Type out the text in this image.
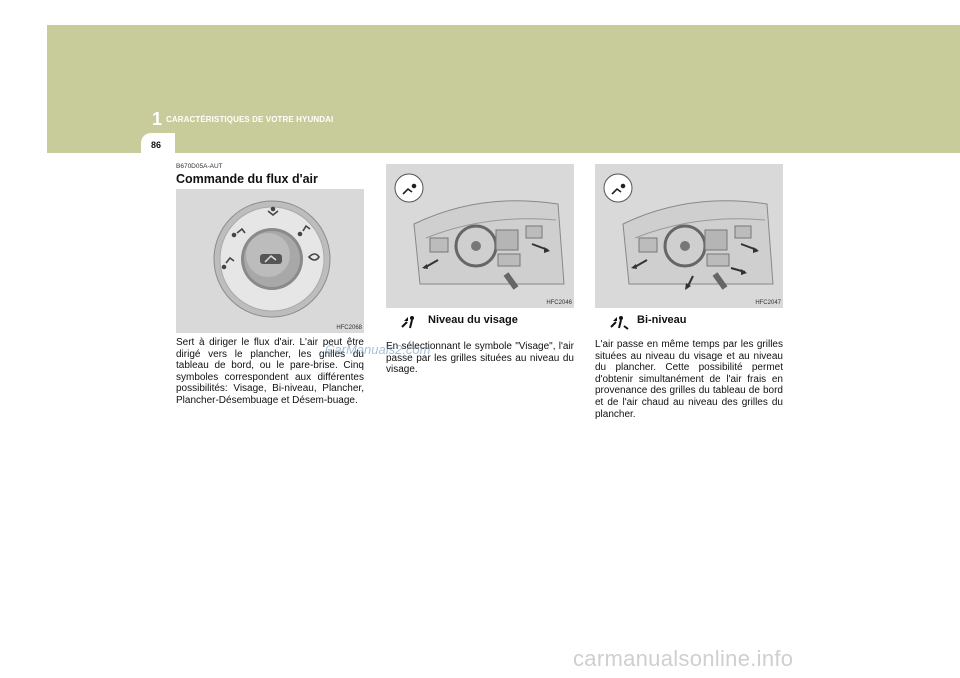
1 CARACTÉRISTIQUES DE VOTRE HYUNDAI
86
B670D05A-AUT
Commande du flux d'air
HFC2068
Sert à diriger le flux d'air. L'air peut être dirigé vers le plancher, les grilles du tableau de bord, ou le pare-brise. Cinq symboles correspondent aux différentes possibilités: Visage, Bi-niveau, Plancher, Plancher-Désembuage et Désem-buage.
HFC2046
Niveau du visage
En sélectionnant le symbole "Visage", l'air passe par les grilles situées au niveau du visage.
HFC2047
Bi-niveau
L'air passe en même temps par les grilles situées au niveau du visage et au niveau du plancher. Cette possibilité permet d'obtenir simultanément de l'air frais en provenance des grilles du tableau de bord et de l'air chaud au niveau des grilles du plancher.
CarManuals2.com
carmanualsonline.info
